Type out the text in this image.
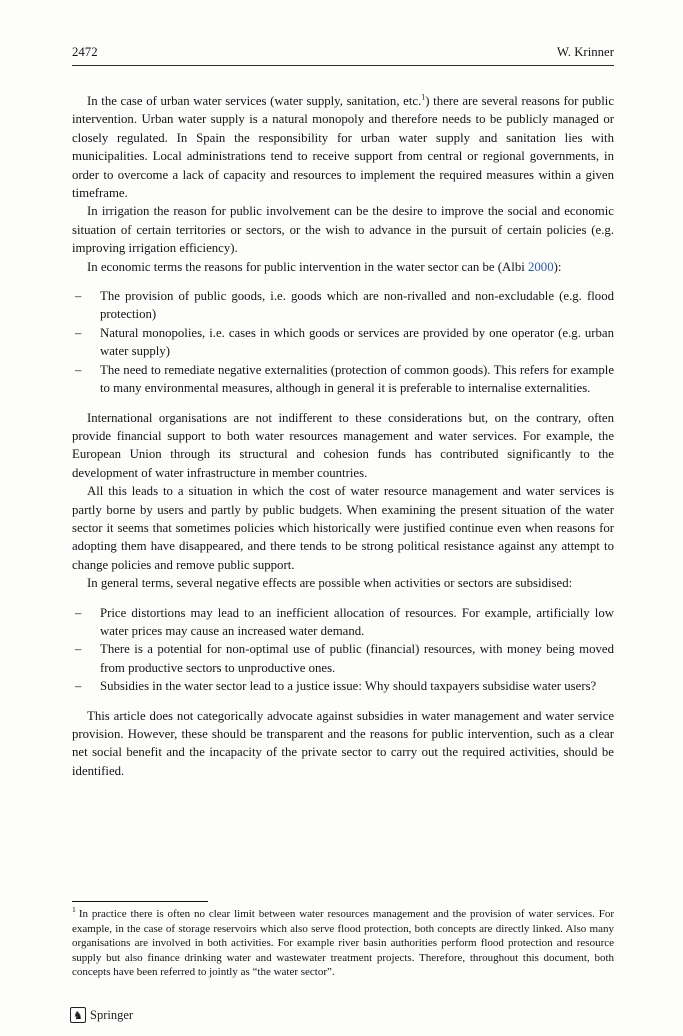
2472	W. Krinner

In the case of urban water services (water supply, sanitation, etc.$^1$) there are several reasons for public intervention. Urban water supply is a natural monopoly and therefore needs to be publicly managed or closely regulated. In Spain the responsibility for urban water supply and sanitation lies with municipalities. Local administrations tend to receive support from central or regional governments, in order to overcome a lack of capacity and resources to implement the required measures within a given timeframe.

In irrigation the reason for public involvement can be the desire to improve the social and economic situation of certain territories or sectors, or the wish to advance in the pursuit of certain policies (e.g. improving irrigation efficiency).

In economic terms the reasons for public intervention in the water sector can be (Albi 2000):

– The provision of public goods, i.e. goods which are non-rivalled and non-excludable (e.g. flood protection)

– Natural monopolies, i.e. cases in which goods or services are provided by one operator (e.g. urban water supply)

– The need to remediate negative externalities (protection of common goods). This refers for example to many environmental measures, although in general it is preferable to internalise externalities.

International organisations are not indifferent to these considerations but, on the contrary, often provide financial support to both water resources management and water services. For example, the European Union through its structural and cohesion funds has contributed significantly to the development of water infrastructure in member countries.

All this leads to a situation in which the cost of water resource management and water services is partly borne by users and partly by public budgets. When examining the present situation of the water sector it seems that sometimes policies which historically were justified continue even when reasons for adopting them have disappeared, and there tends to be strong political resistance against any attempt to change policies and remove public support.

In general terms, several negative effects are possible when activities or sectors are subsidised:

– Price distortions may lead to an inefficient allocation of resources. For example, artificially low water prices may cause an increased water demand.

– There is a potential for non-optimal use of public (financial) resources, with money being moved from productive sectors to unproductive ones.

– Subsidies in the water sector lead to a justice issue: Why should taxpayers subsidise water users?

This article does not categorically advocate against subsidies in water management and water service provision. However, these should be transparent and the reasons for public intervention, such as a clear net social benefit and the incapacity of the private sector to carry out the required activities, should be identified.

$^1$ In practice there is often no clear limit between water resources management and the provision of water services. For example, in the case of storage reservoirs which also serve flood protection, both concepts are directly linked. Also many organisations are involved in both activities. For example river basin authorities perform flood protection and resource supply but also finance drinking water and wastewater treatment projects. Therefore, throughout this document, both concepts have been referred to jointly as “the water sector”.

♞ Springer
